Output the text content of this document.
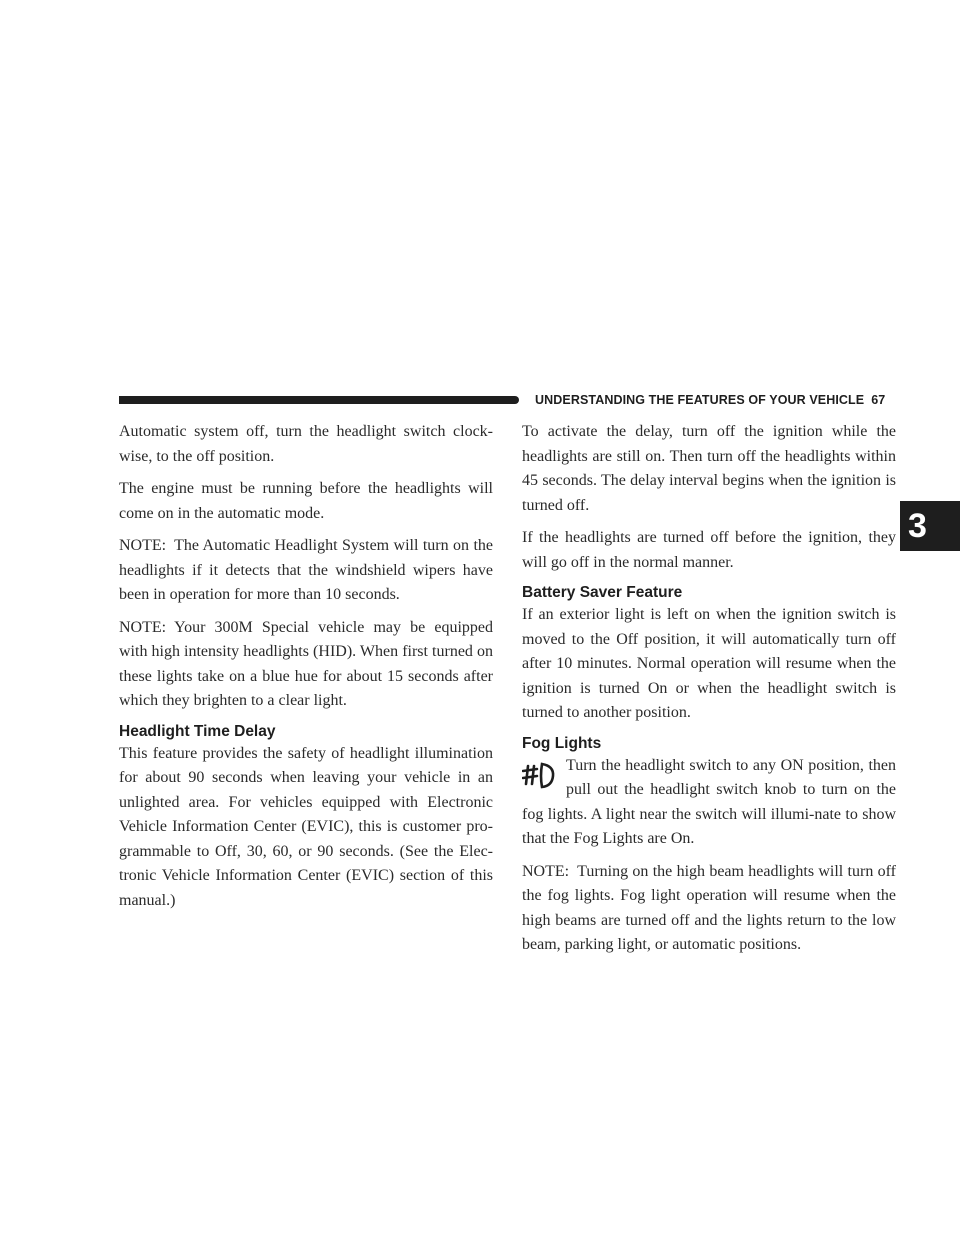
UNDERSTANDING THE FEATURES OF YOUR VEHICLE 67
3

Automatic system off, turn the headlight switch clock-wise, to the off position.

The engine must be running before the headlights will come on in the automatic mode.

NOTE: The Automatic Headlight System will turn on the headlights if it detects that the windshield wipers have been in operation for more than 10 seconds.

NOTE: Your 300M Special vehicle may be equipped with high intensity headlights (HID). When first turned on these lights take on a blue hue for about 15 seconds after which they brighten to a clear light.

Headlight Time Delay

This feature provides the safety of headlight illumination for about 90 seconds when leaving your vehicle in an unlighted area. For vehicles equipped with Electronic Vehicle Information Center (EVIC), this is customer pro-grammable to Off, 30, 60, or 90 seconds. (See the Elec-tronic Vehicle Information Center (EVIC) section of this manual.)

To activate the delay, turn off the ignition while the headlights are still on. Then turn off the headlights within 45 seconds. The delay interval begins when the ignition is turned off.

If the headlights are turned off before the ignition, they will go off in the normal manner.

Battery Saver Feature

If an exterior light is left on when the ignition switch is moved to the Off position, it will automatically turn off after 10 minutes. Normal operation will resume when the ignition is turned On or when the headlight switch is turned to another position.

Fog Lights

Turn the headlight switch to any ON position, then pull out the headlight switch knob to turn on the fog lights. A light near the switch will illumi-nate to show that the Fog Lights are On.

NOTE: Turning on the high beam headlights will turn off the fog lights. Fog light operation will resume when the high beams are turned off and the lights return to the low beam, parking light, or automatic positions.
